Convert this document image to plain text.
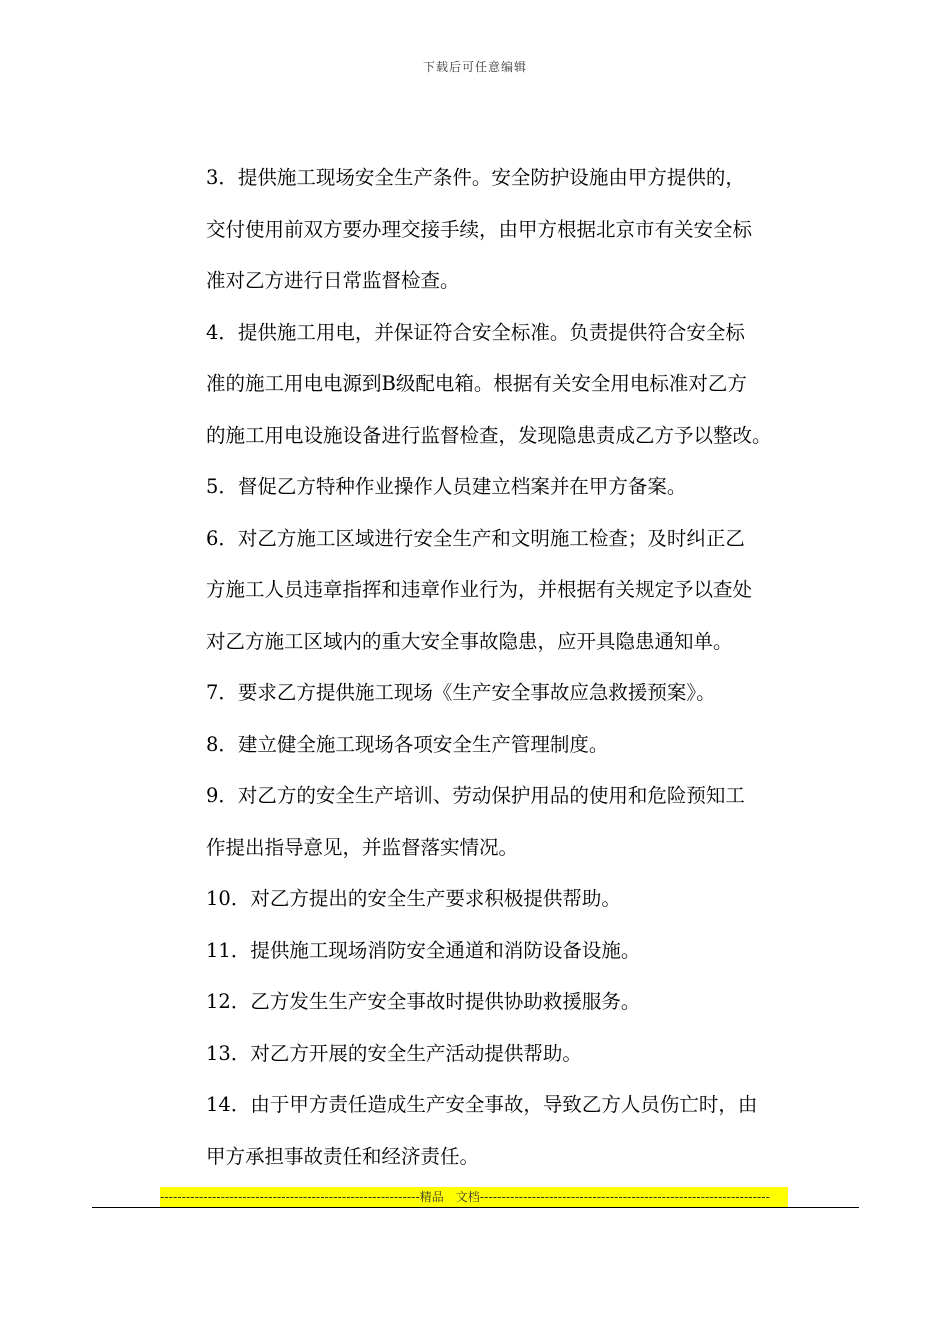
下载后可任意编辑
3．提供施工现场安全生产条件。安全防护设施由甲方提供的，
交付使用前双方要办理交接手续，由甲方根据北京市有关安全标
准对乙方进行日常监督检查。
4．提供施工用电，并保证符合安全标准。负责提供符合安全标
准的施工用电电源到B级配电箱。根据有关安全用电标准对乙方
的施工用电设施设备进行监督检查，发现隐患责成乙方予以整改。
5．督促乙方特种作业操作人员建立档案并在甲方备案。
6．对乙方施工区域进行安全生产和文明施工检查；及时纠正乙
方施工人员违章指挥和违章作业行为，并根据有关规定予以查处
对乙方施工区域内的重大安全事故隐患，应开具隐患通知单。
7．要求乙方提供施工现场《生产安全事故应急救援预案》。
8．建立健全施工现场各项安全生产管理制度。
9．对乙方的安全生产培训、劳动保护用品的使用和危险预知工
作提出指导意见，并监督落实情况。
10．对乙方提出的安全生产要求积极提供帮助。
11．提供施工现场消防安全通道和消防设备设施。
12．乙方发生生产安全事故时提供协助救援服务。
13．对乙方开展的安全生产活动提供帮助。
14．由于甲方责任造成生产安全事故，导致乙方人员伤亡时，由
甲方承担事故责任和经济责任。
------------------------------------------------------------精品　文档-------------------------------------------------------------------
